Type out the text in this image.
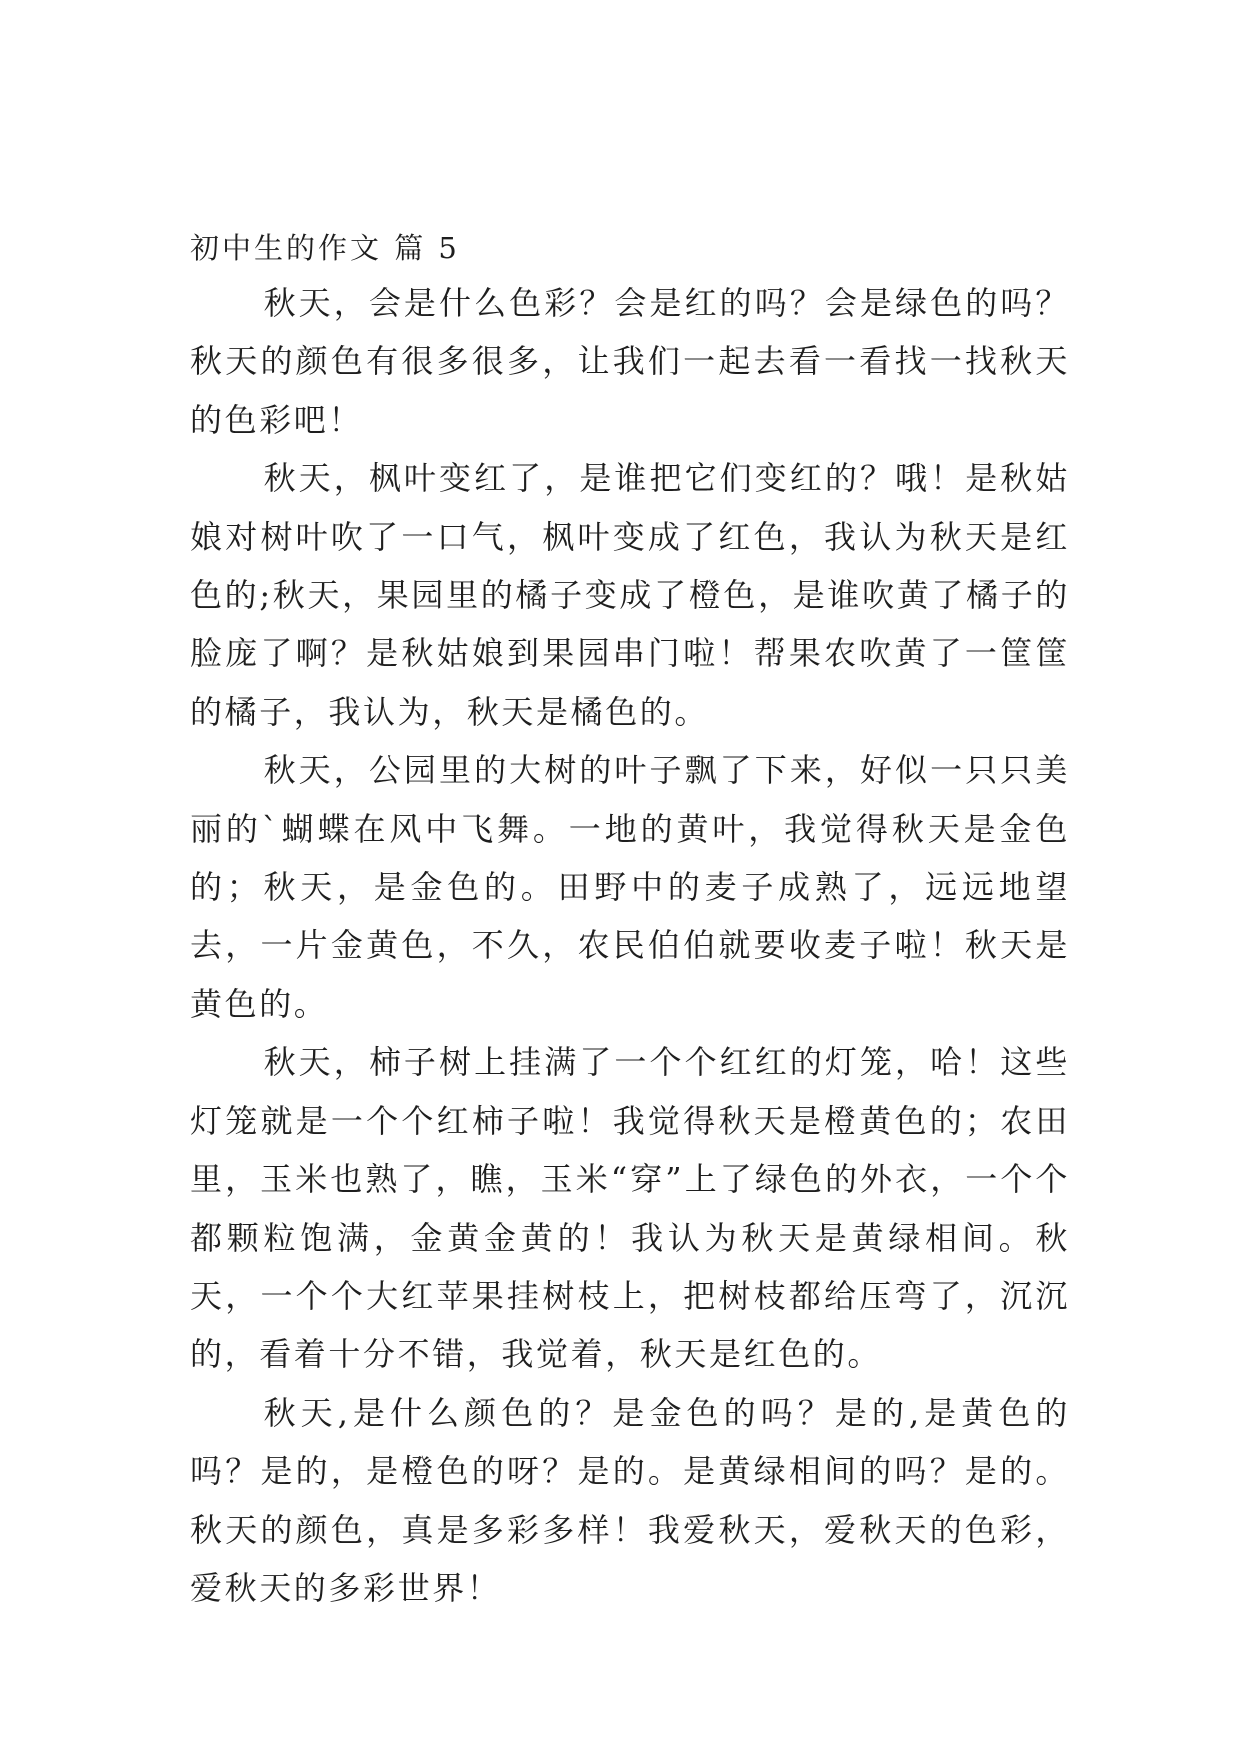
初中生的作文 篇 5

秋天，会是什么色彩？会是红的吗？会是绿色的吗？秋天的颜色有很多很多，让我们一起去看一看找一找秋天的色彩吧！

秋天，枫叶变红了，是谁把它们变红的？哦！是秋姑娘对树叶吹了一口气，枫叶变成了红色，我认为秋天是红色的;秋天，果园里的橘子变成了橙色，是谁吹黄了橘子的脸庞了啊？是秋姑娘到果园串门啦！帮果农吹黄了一筐筐的橘子，我认为，秋天是橘色的。

秋天，公园里的大树的叶子飘了下来，好似一只只美丽的`蝴蝶在风中飞舞。一地的黄叶，我觉得秋天是金色的；秋天，是金色的。田野中的麦子成熟了，远远地望去，一片金黄色，不久，农民伯伯就要收麦子啦！秋天是黄色的。

秋天，柿子树上挂满了一个个红红的灯笼，哈！这些灯笼就是一个个红柿子啦！我觉得秋天是橙黄色的；农田里，玉米也熟了，瞧，玉米“穿”上了绿色的外衣，一个个都颗粒饱满，金黄金黄的！我认为秋天是黄绿相间。秋天，一个个大红苹果挂树枝上，把树枝都给压弯了，沉沉的，看着十分不错，我觉着，秋天是红色的。

秋天,是什么颜色的？是金色的吗？是的,是黄色的吗？是的，是橙色的呀？是的。是黄绿相间的吗？是的。秋天的颜色，真是多彩多样！我爱秋天，爱秋天的色彩，爱秋天的多彩世界！
